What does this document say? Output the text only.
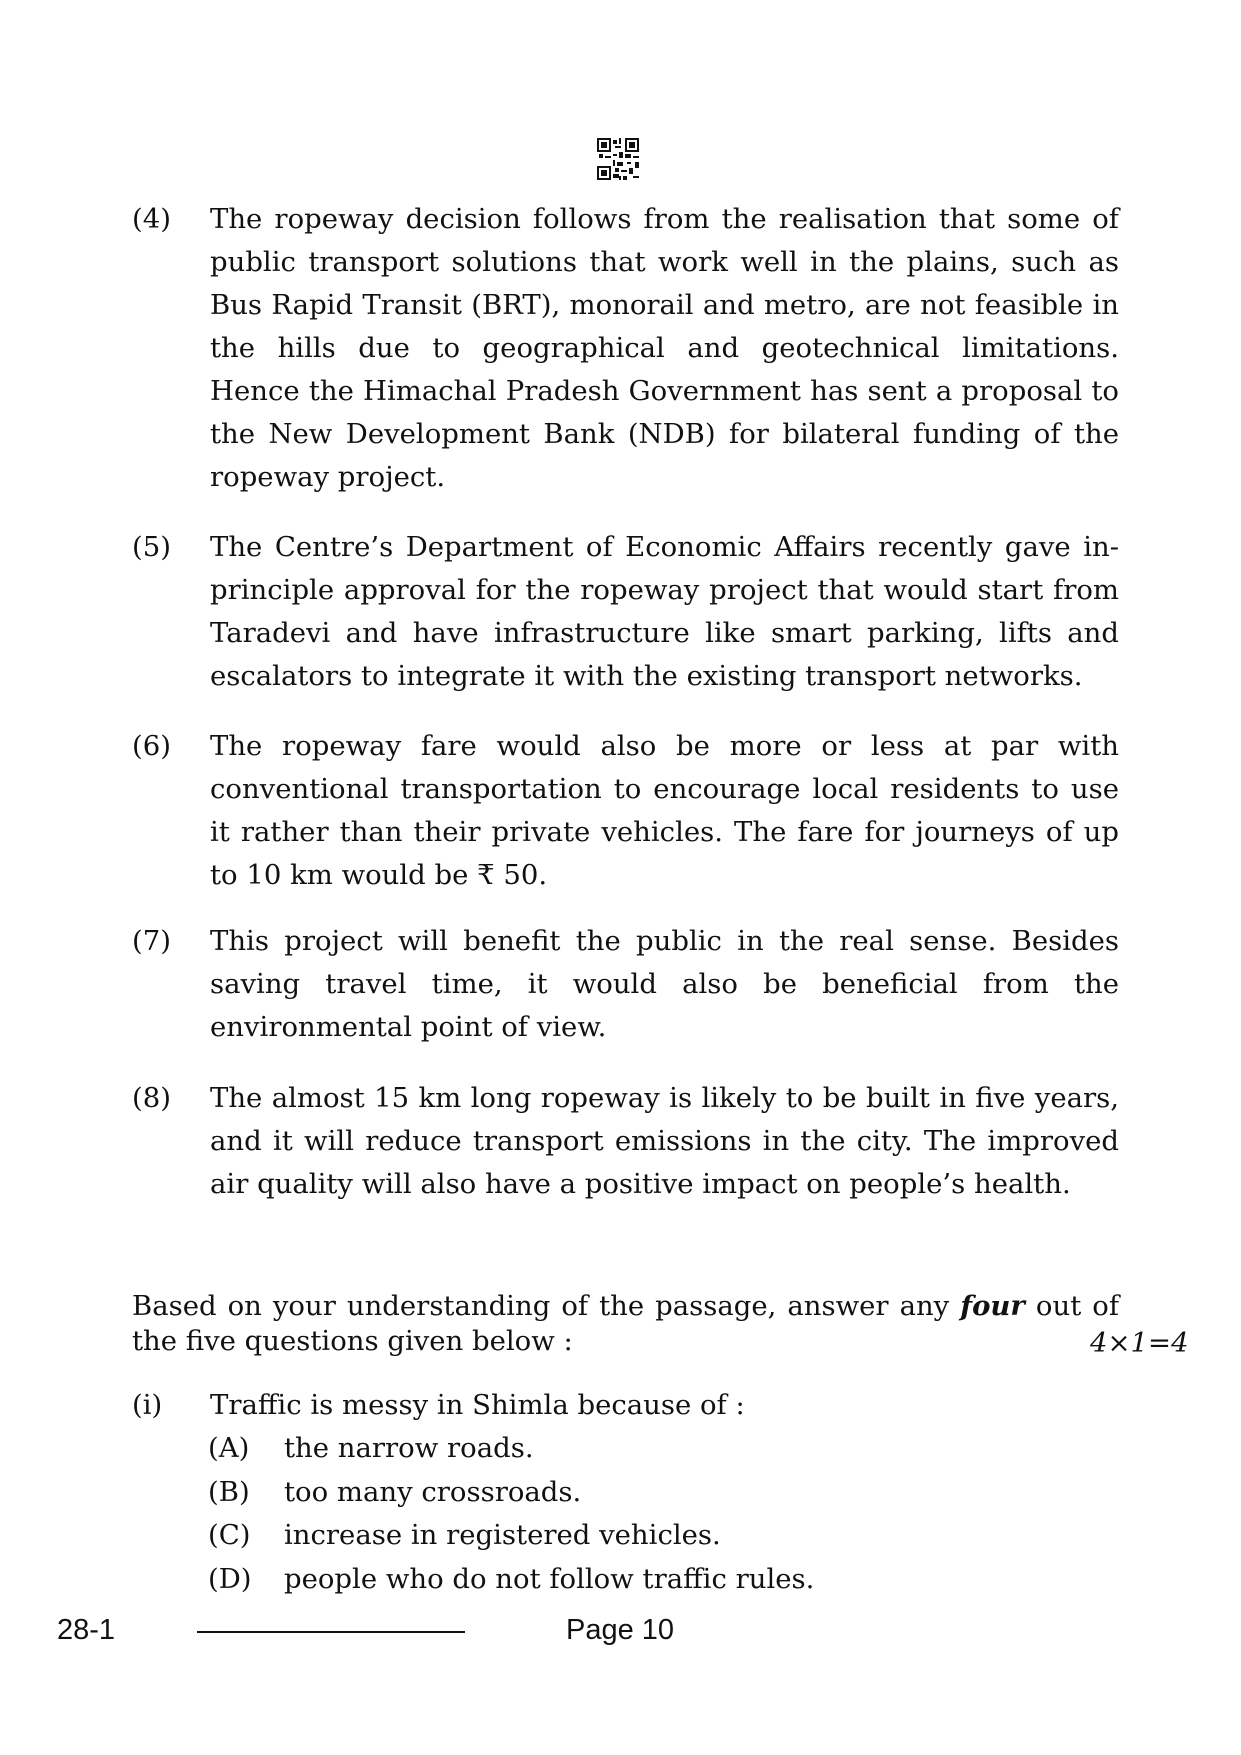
(4) The ropeway decision follows from the realisation that some of public transport solutions that work well in the plains, such as Bus Rapid Transit (BRT), monorail and metro, are not feasible in the hills due to geographical and geotechnical limitations. Hence the Himachal Pradesh Government has sent a proposal to the New Development Bank (NDB) for bilateral funding of the ropeway project.
(5) The Centre’s Department of Economic Affairs recently gave in-principle approval for the ropeway project that would start from Taradevi and have infrastructure like smart parking, lifts and escalators to integrate it with the existing transport networks.
(6) The ropeway fare would also be more or less at par with conventional transportation to encourage local residents to use it rather than their private vehicles. The fare for journeys of up to 10 km would be ₹ 50.
(7) This project will benefit the public in the real sense. Besides saving travel time, it would also be beneficial from the environmental point of view.
(8) The almost 15 km long ropeway is likely to be built in five years, and it will reduce transport emissions in the city. The improved air quality will also have a positive impact on people’s health.
Based on your understanding of the passage, answer any four out of the five questions given below :	4×1=4
(i) Traffic is messy in Shimla because of :
(A) the narrow roads.
(B) too many crossroads.
(C) increase in registered vehicles.
(D) people who do not follow traffic rules.
28-1	Page 10
